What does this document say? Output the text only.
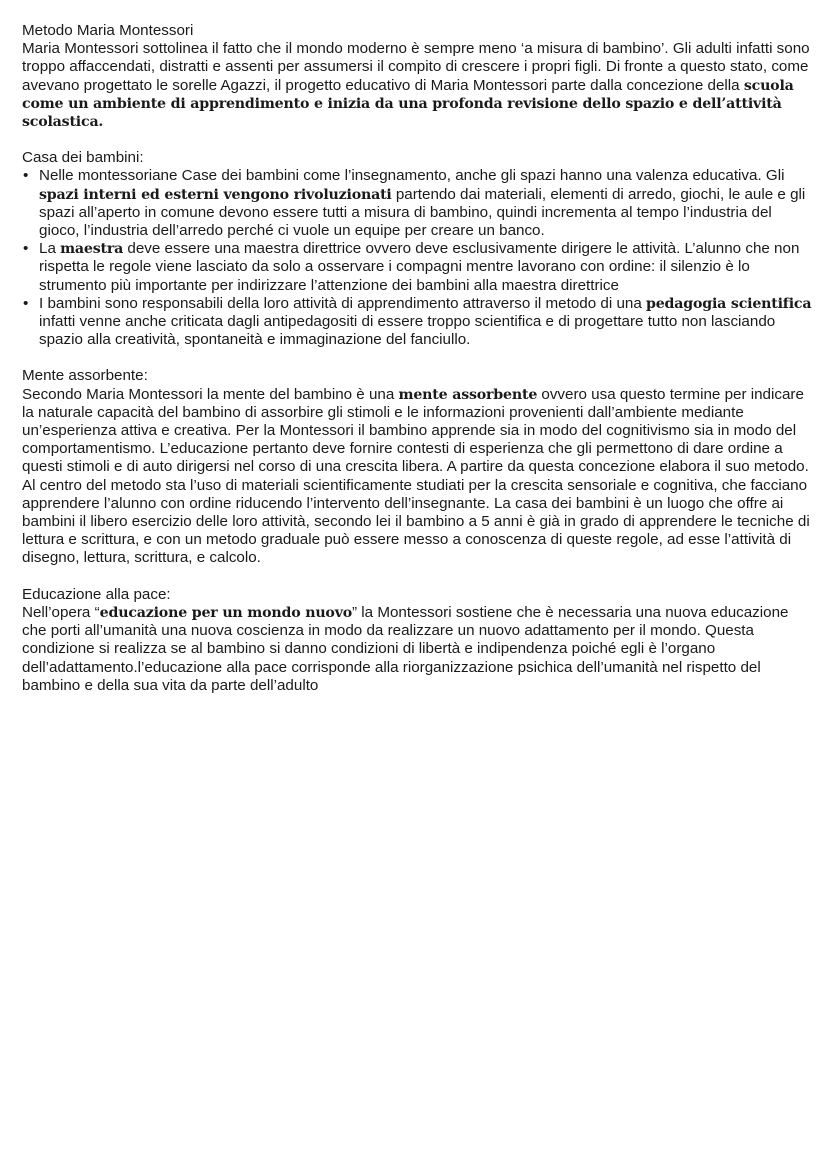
Metodo Maria Montessori

Maria Montessori sottolinea il fatto che il mondo moderno è sempre meno ‘a misura di bambino’. Gli adulti infatti sono troppo affaccendati, distratti e assenti per assumersi il compito di crescere i propri figli. Di fronte a questo stato, come avevano progettato le sorelle Agazzi, il progetto educativo di Maria Montessori parte dalla concezione della scuola come un ambiente di apprendimento e inizia da una profonda revisione dello spazio e dell’attività scolastica.

Casa dei bambini:
• Nelle montessoriane Case dei bambini come l’insegnamento, anche gli spazi hanno una valenza educativa. Gli spazi interni ed esterni vengono rivoluzionati partendo dai materiali, elementi di arredo, giochi, le aule e gli spazi all’aperto in comune devono essere tutti a misura di bambino, quindi incrementa al tempo l’industria del gioco, l’industria dell’arredo perché ci vuole un equipe per creare un banco.
• La maestra deve essere una maestra direttrice ovvero deve esclusivamente dirigere le attività. L’alunno che non rispetta le regole viene lasciato da solo a osservare i compagni mentre lavorano con ordine: il silenzio è lo strumento più importante per indirizzare l’attenzione dei bambini alla maestra direttrice
• I bambini sono responsabili della loro attività di apprendimento attraverso il metodo di una pedagogia scientifica infatti venne anche criticata dagli antipedagositi di essere troppo scientifica e di progettare tutto non lasciando spazio alla creatività, spontaneità e immaginazione del fanciullo.
Mente assorbente:

Secondo Maria Montessori la mente del bambino è una mente assorbente ovvero usa questo termine per indicare la naturale capacità del bambino di assorbire gli stimoli e le informazioni provenienti dall’ambiente mediante un’esperienza attiva e creativa. Per la Montessori il bambino apprende sia in modo del cognitivismo sia in modo del comportamentismo. L’educazione pertanto deve fornire contesti di esperienza che gli permettono di dare ordine a questi stimoli e di auto dirigersi nel corso di una crescita libera. A partire da questa concezione elabora il suo metodo. Al centro del metodo sta l’uso di materiali scientificamente studiati per la crescita sensoriale e cognitiva, che facciano apprendere l’alunno con ordine riducendo l’intervento dell’insegnante. La casa dei bambini è un luogo che offre ai bambini il libero esercizio delle loro attività, secondo lei il bambino a 5 anni è già in grado di apprendere le tecniche di lettura e scrittura, e con un metodo graduale può essere messo a conoscenza di queste regole, ad esse l’attività di disegno, lettura, scrittura, e calcolo.

Educazione alla pace:

Nell’opera “educazione per un mondo nuovo” la Montessori sostiene che è necessaria una nuova educazione che porti all’umanità una nuova coscienza in modo da realizzare un nuovo adattamento per il mondo. Questa condizione si realizza se al bambino si danno condizioni di libertà e indipendenza poiché egli è l’organo dell’adattamento.l’educazione alla pace corrisponde alla riorganizzazione psichica dell’umanità nel rispetto del bambino e della sua vita da parte dell’adulto
